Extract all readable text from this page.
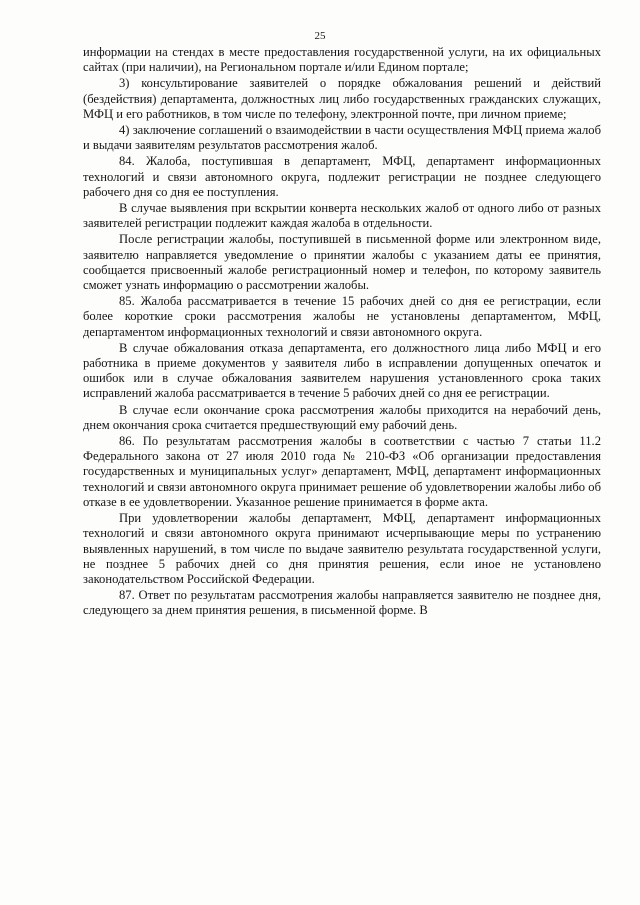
25

информации на стендах в месте предоставления государственной услуги, на их официальных сайтах (при наличии), на Региональном портале и/или Едином портале;

3) консультирование заявителей о порядке обжалования решений и действий (бездействия) департамента, должностных лиц либо государственных гражданских служащих, МФЦ и его работников, в том числе по телефону, электронной почте, при личном приеме;

4) заключение соглашений о взаимодействии в части осуществления МФЦ приема жалоб и выдачи заявителям результатов рассмотрения жалоб.

84. Жалоба, поступившая в департамент, МФЦ, департамент информационных технологий и связи автономного округа, подлежит регистрации не позднее следующего рабочего дня со дня ее поступления.

В случае выявления при вскрытии конверта нескольких жалоб от одного либо от разных заявителей регистрации подлежит каждая жалоба в отдельности.

После регистрации жалобы, поступившей в письменной форме или электронном виде, заявителю направляется уведомление о принятии жалобы с указанием даты ее принятия, сообщается присвоенный жалобе регистрационный номер и телефон, по которому заявитель сможет узнать информацию о рассмотрении жалобы.

85. Жалоба рассматривается в течение 15 рабочих дней со дня ее регистрации, если более короткие сроки рассмотрения жалобы не установлены департаментом, МФЦ, департаментом информационных технологий и связи автономного округа.

В случае обжалования отказа департамента, его должностного лица либо МФЦ и его работника в приеме документов у заявителя либо в исправлении допущенных опечаток и ошибок или в случае обжалования заявителем нарушения установленного срока таких исправлений жалоба рассматривается в течение 5 рабочих дней со дня ее регистрации.

В случае если окончание срока рассмотрения жалобы приходится на нерабочий день, днем окончания срока считается предшествующий ему рабочий день.

86. По результатам рассмотрения жалобы в соответствии с частью 7 статьи 11.2 Федерального закона от 27 июля 2010 года № 210-ФЗ «Об организации предоставления государственных и муниципальных услуг» департамент, МФЦ, департамент информационных технологий и связи автономного округа принимает решение об удовлетворении жалобы либо об отказе в ее удовлетворении. Указанное решение принимается в форме акта.

При удовлетворении жалобы департамент, МФЦ, департамент информационных технологий и связи автономного округа принимают исчерпывающие меры по устранению выявленных нарушений, в том числе по выдаче заявителю результата государственной услуги, не позднее 5 рабочих дней со дня принятия решения, если иное не установлено законодательством Российской Федерации.

87. Ответ по результатам рассмотрения жалобы направляется заявителю не позднее дня, следующего за днем принятия решения, в письменной форме. В
